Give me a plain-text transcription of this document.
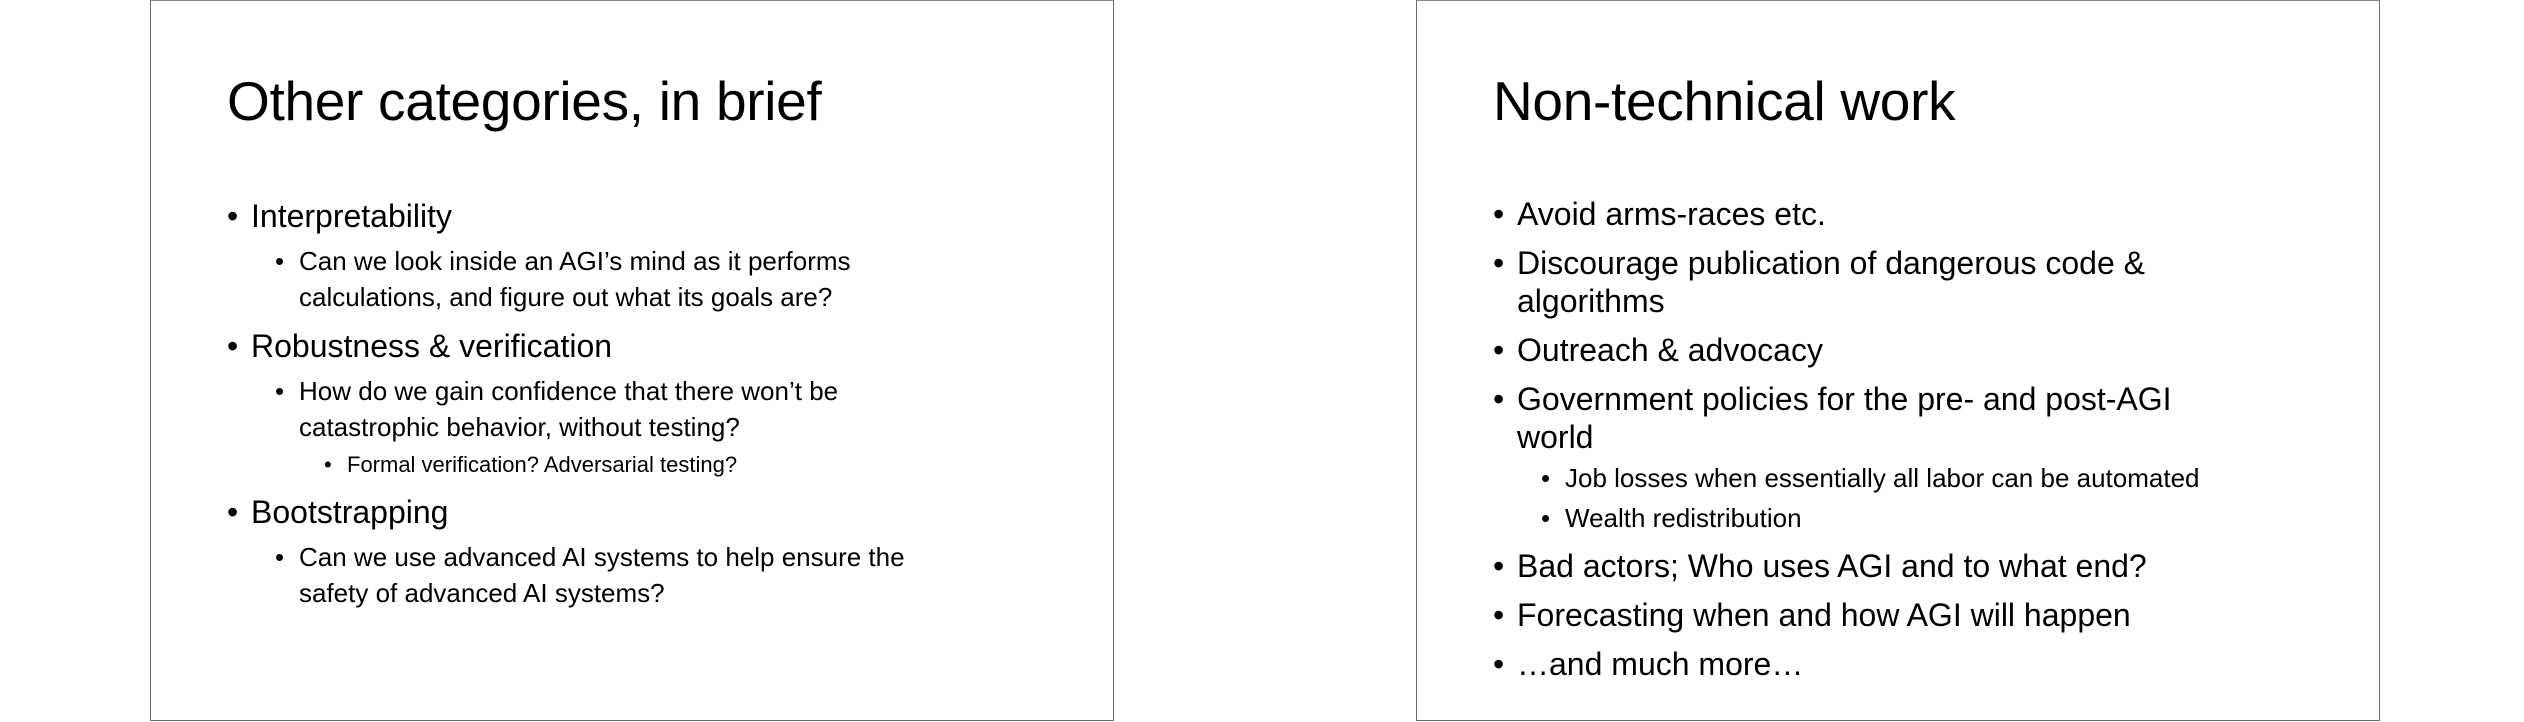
Other categories, in brief
• Interpretability
• Can we look inside an AGI’s mind as it performs
calculations, and figure out what its goals are?
• Robustness & verification
• How do we gain confidence that there won’t be
catastrophic behavior, without testing?
• Formal verification? Adversarial testing?
• Bootstrapping
• Can we use advanced AI systems to help ensure the
safety of advanced AI systems?
Non-technical work
• Avoid arms-races etc.
• Discourage publication of dangerous code &
algorithms
• Outreach & advocacy
• Government policies for the pre- and post-AGI
world
• Job losses when essentially all labor can be automated
• Wealth redistribution
• Bad actors; Who uses AGI and to what end?
• Forecasting when and how AGI will happen
• …and much more…
